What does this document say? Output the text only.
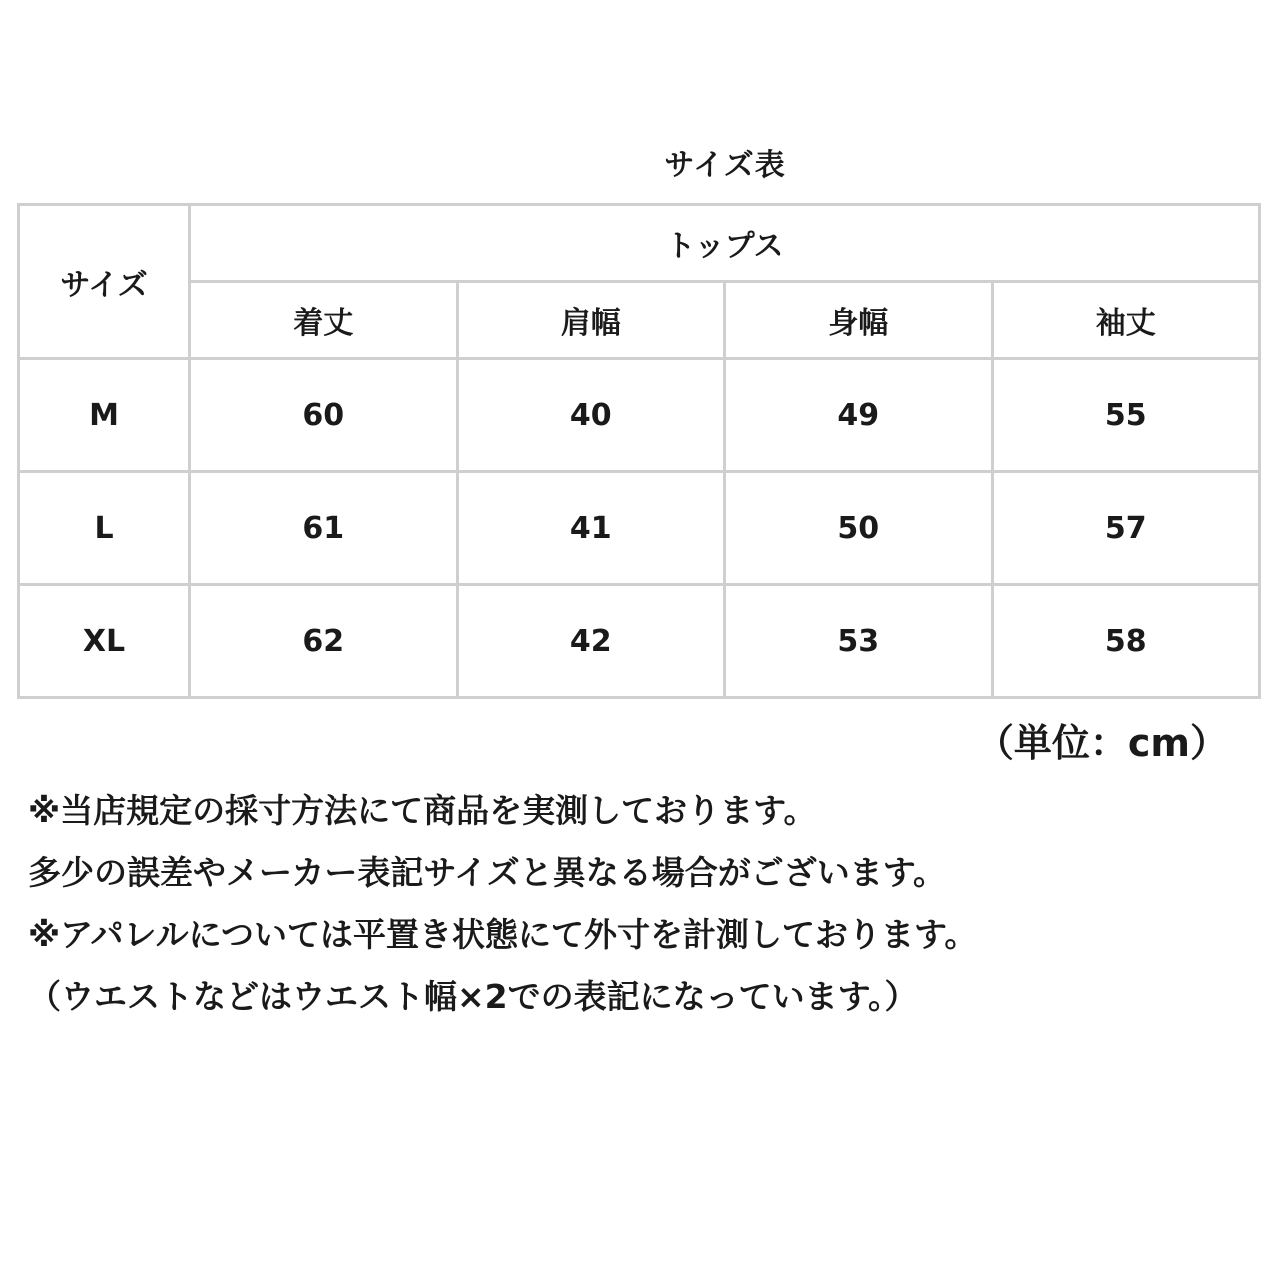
サイズ表
サイズ	トップス			
	着丈	肩幅	身幅	袖丈
M	60	40	49	55
L	61	41	50	57
XL	62	42	53	58
（単位：cm）
※当店規定の採寸方法にて商品を実測しております。
多少の誤差やメーカー表記サイズと異なる場合がございます。
※アパレルについては平置き状態にて外寸を計測しております。
（ウエストなどはウエスト幅×2での表記になっています。）
